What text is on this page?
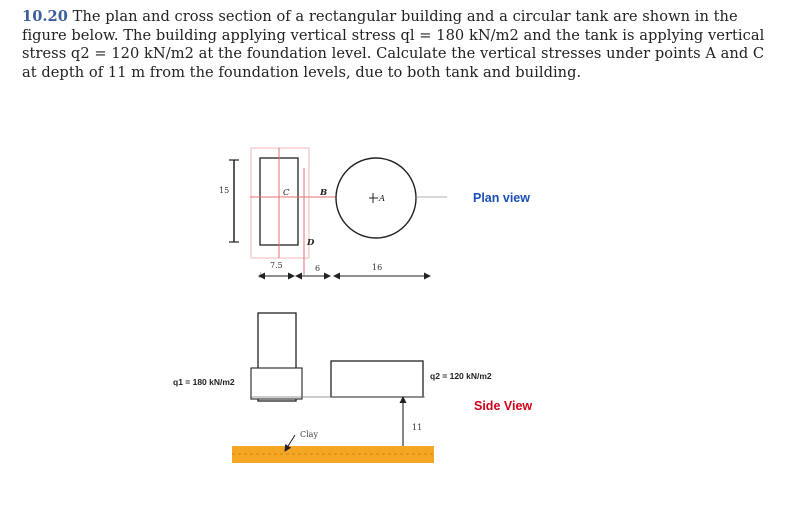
10.20 The plan and cross section of a rectangular building and a circular tank are shown in the
figure below. The building applying vertical stress ql = 180 kN/m2 and the tank is applying vertical
stress q2 = 120 kN/m2 at the foundation level. Calculate the vertical stresses under points A and C
at depth of 11 m from the foundation levels, due to both tank and building.
15	C	B
D
A	Plan view
7.5	6	16
11
Clay
q1 = 180 kN/m2
q2 = 120 kN/m2
Side View
